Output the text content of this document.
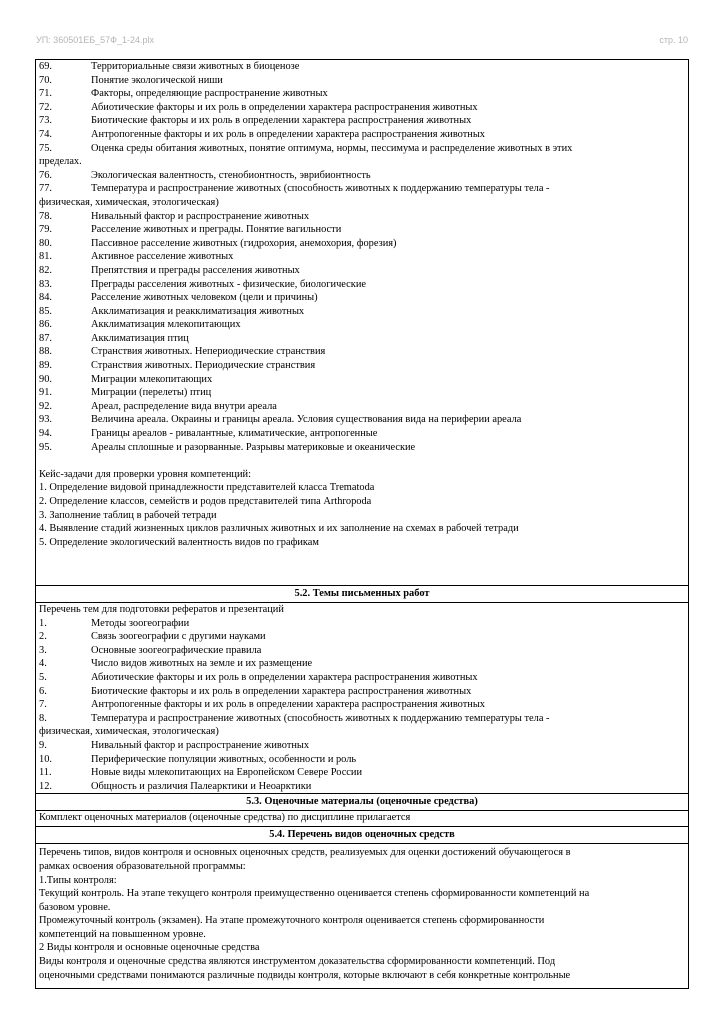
УП: 360501ЕБ_57Ф_1-24.plx	стр. 10
69.	Территориальные связи животных в биоценозе
70.	Понятие экологической ниши
71.	Факторы, определяющие распространение животных
72.	Абиотические факторы и их роль в определении характера распространения животных
73.	Биотические факторы и их роль в определении характера распространения животных
74.	Антропогенные факторы и их роль в определении характера распространения животных
75.	Оценка среды обитания животных, понятие оптимума, нормы, пессимума и распределение животных в этих
пределах.
76.	Экологическая валентность, стенобионтность, эврибионтность
77.	Температура и распространение животных (способность животных к поддержанию температуры тела -
физическая, химическая, этологическая)
78.	Нивальный фактор и распространение животных
79.	Расселение животных и преграды. Понятие вагильности
80.	Пассивное расселение животных (гидрохория, анемохория, форезия)
81.	Активное расселение животных
82.	Препятствия и преграды расселения животных
83.	Преграды расселения животных - физические, биологические
84.	Расселение животных человеком (цели и причины)
85.	Акклиматизация и реакклиматизация животных
86.	Акклиматизация млекопитающих
87.	Акклиматизация птиц
88.	Странствия животных. Непериодические странствия
89.	Странствия животных. Периодические странствия
90.	Миграции млекопитающих
91.	Миграции (перелеты) птиц
92.	Ареал, распределение вида внутри ареала
93.	Величина ареала. Окраины и границы ареала. Условия существования вида на периферии ареала
94.	Границы ареалов - ривалантные, климатические, антропогенные
95.	Ареалы сплошные и разорванные. Разрывы материковые и океанические
Кейс-задачи для проверки уровня компетенций:
1. Определение видовой принадлежности представителей класса Trematoda
2. Определение классов, семейств и родов представителей типа Arthropoda
3. Заполнение таблиц в рабочей тетради
4. Выявление стадий жизненных циклов различных животных и их заполнение на схемах в рабочей тетради
5. Определение экологический валентность видов по графикам
5.2. Темы письменных работ
Перечень тем для подготовки рефератов и презентаций
1.	Методы зоогеографии
2.	Связь зоогеографии с другими науками
3.	Основные зоогеографические правила
4.	Число видов животных на земле и их размещение
5.	Абиотические факторы и их роль в определении характера распространения животных
6.	Биотические факторы и их роль в определении характера распространения животных
7.	Антропогенные факторы и их роль в определении характера распространения животных
8.	Температура и распространение животных (способность животных к поддержанию температуры тела -
физическая, химическая, этологическая)
9.	Нивальный фактор и распространение животных
10.	Периферические популяции животных, особенности и роль
11.	Новые виды млекопитающих на Европейском Севере России
12.	Общность и различия Палеарктики и Неоарктики
5.3. Оценочные материалы (оценочные средства)
Комплект оценочных материалов (оценочные средства) по дисциплине прилагается
5.4. Перечень видов оценочных средств
Перечень типов, видов контроля и основных оценочных средств, реализуемых для оценки достижений обучающегося в
рамках освоения образовательной программы:
1.Типы контроля:
Текущий контроль. На этапе текущего контроля преимущественно оценивается степень сформированности компетенций на
базовом уровне.
Промежуточный контроль (экзамен). На этапе промежуточного контроля оценивается степень сформированности
компетенций на повышенном уровне.
2 Виды контроля и основные оценочные средства
Виды контроля и оценочные средства являются инструментом доказательства сформированности компетенций. Под
оценочными средствами понимаются различные подвиды контроля, которые включают в себя конкретные контрольные
